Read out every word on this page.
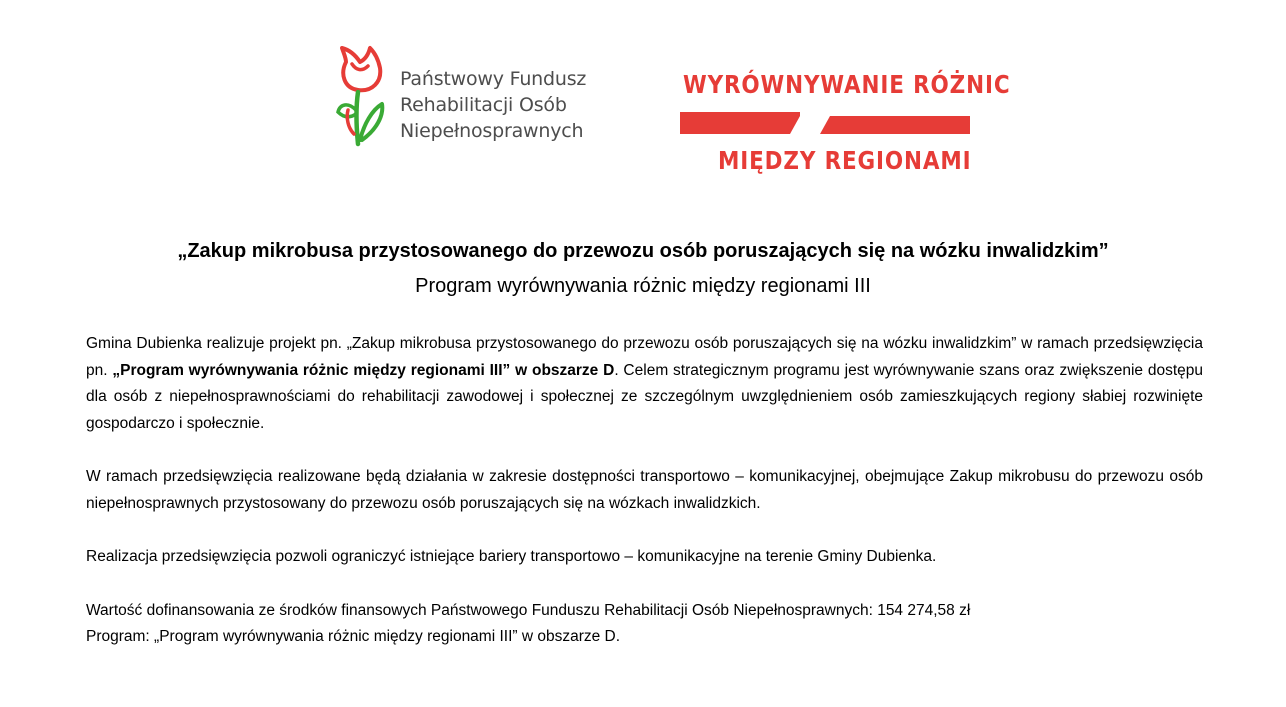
Państwowy Fundusz
Rehabilitacji Osób
Niepełnosprawnych
WYRÓWNYWANIE RÓŻNIC
MIĘDZY REGIONAMI
„Zakup mikrobusa przystosowanego do przewozu osób poruszających się na wózku inwalidzkim”
Program wyrównywania różnic między regionami III

Gmina Dubienka realizuje projekt pn. „Zakup mikrobusa przystosowanego do przewozu osób poruszających się na wózku inwalidzkim” w ramach przedsięwzięcia pn. „Program wyrównywania różnic między regionami III” w obszarze D. Celem strategicznym programu jest wyrównywanie szans oraz zwiększenie dostępu dla osób z niepełnosprawnościami do rehabilitacji zawodowej i społecznej ze szczególnym uwzględnieniem osób zamieszkujących regiony słabiej rozwinięte gospodarczo i społecznie.

W ramach przedsięwzięcia realizowane będą działania w zakresie dostępności transportowo – komunikacyjnej, obejmujące Zakup mikrobusu do przewozu osób niepełnosprawnych przystosowany do przewozu osób poruszających się na wózkach inwalidzkich.

Realizacja przedsięwzięcia pozwoli ograniczyć istniejące bariery transportowo – komunikacyjne na terenie Gminy Dubienka.

Wartość dofinansowania ze środków finansowych Państwowego Funduszu Rehabilitacji Osób Niepełnosprawnych: 154 274,58 zł
Program: „Program wyrównywania różnic między regionami III” w obszarze D.
